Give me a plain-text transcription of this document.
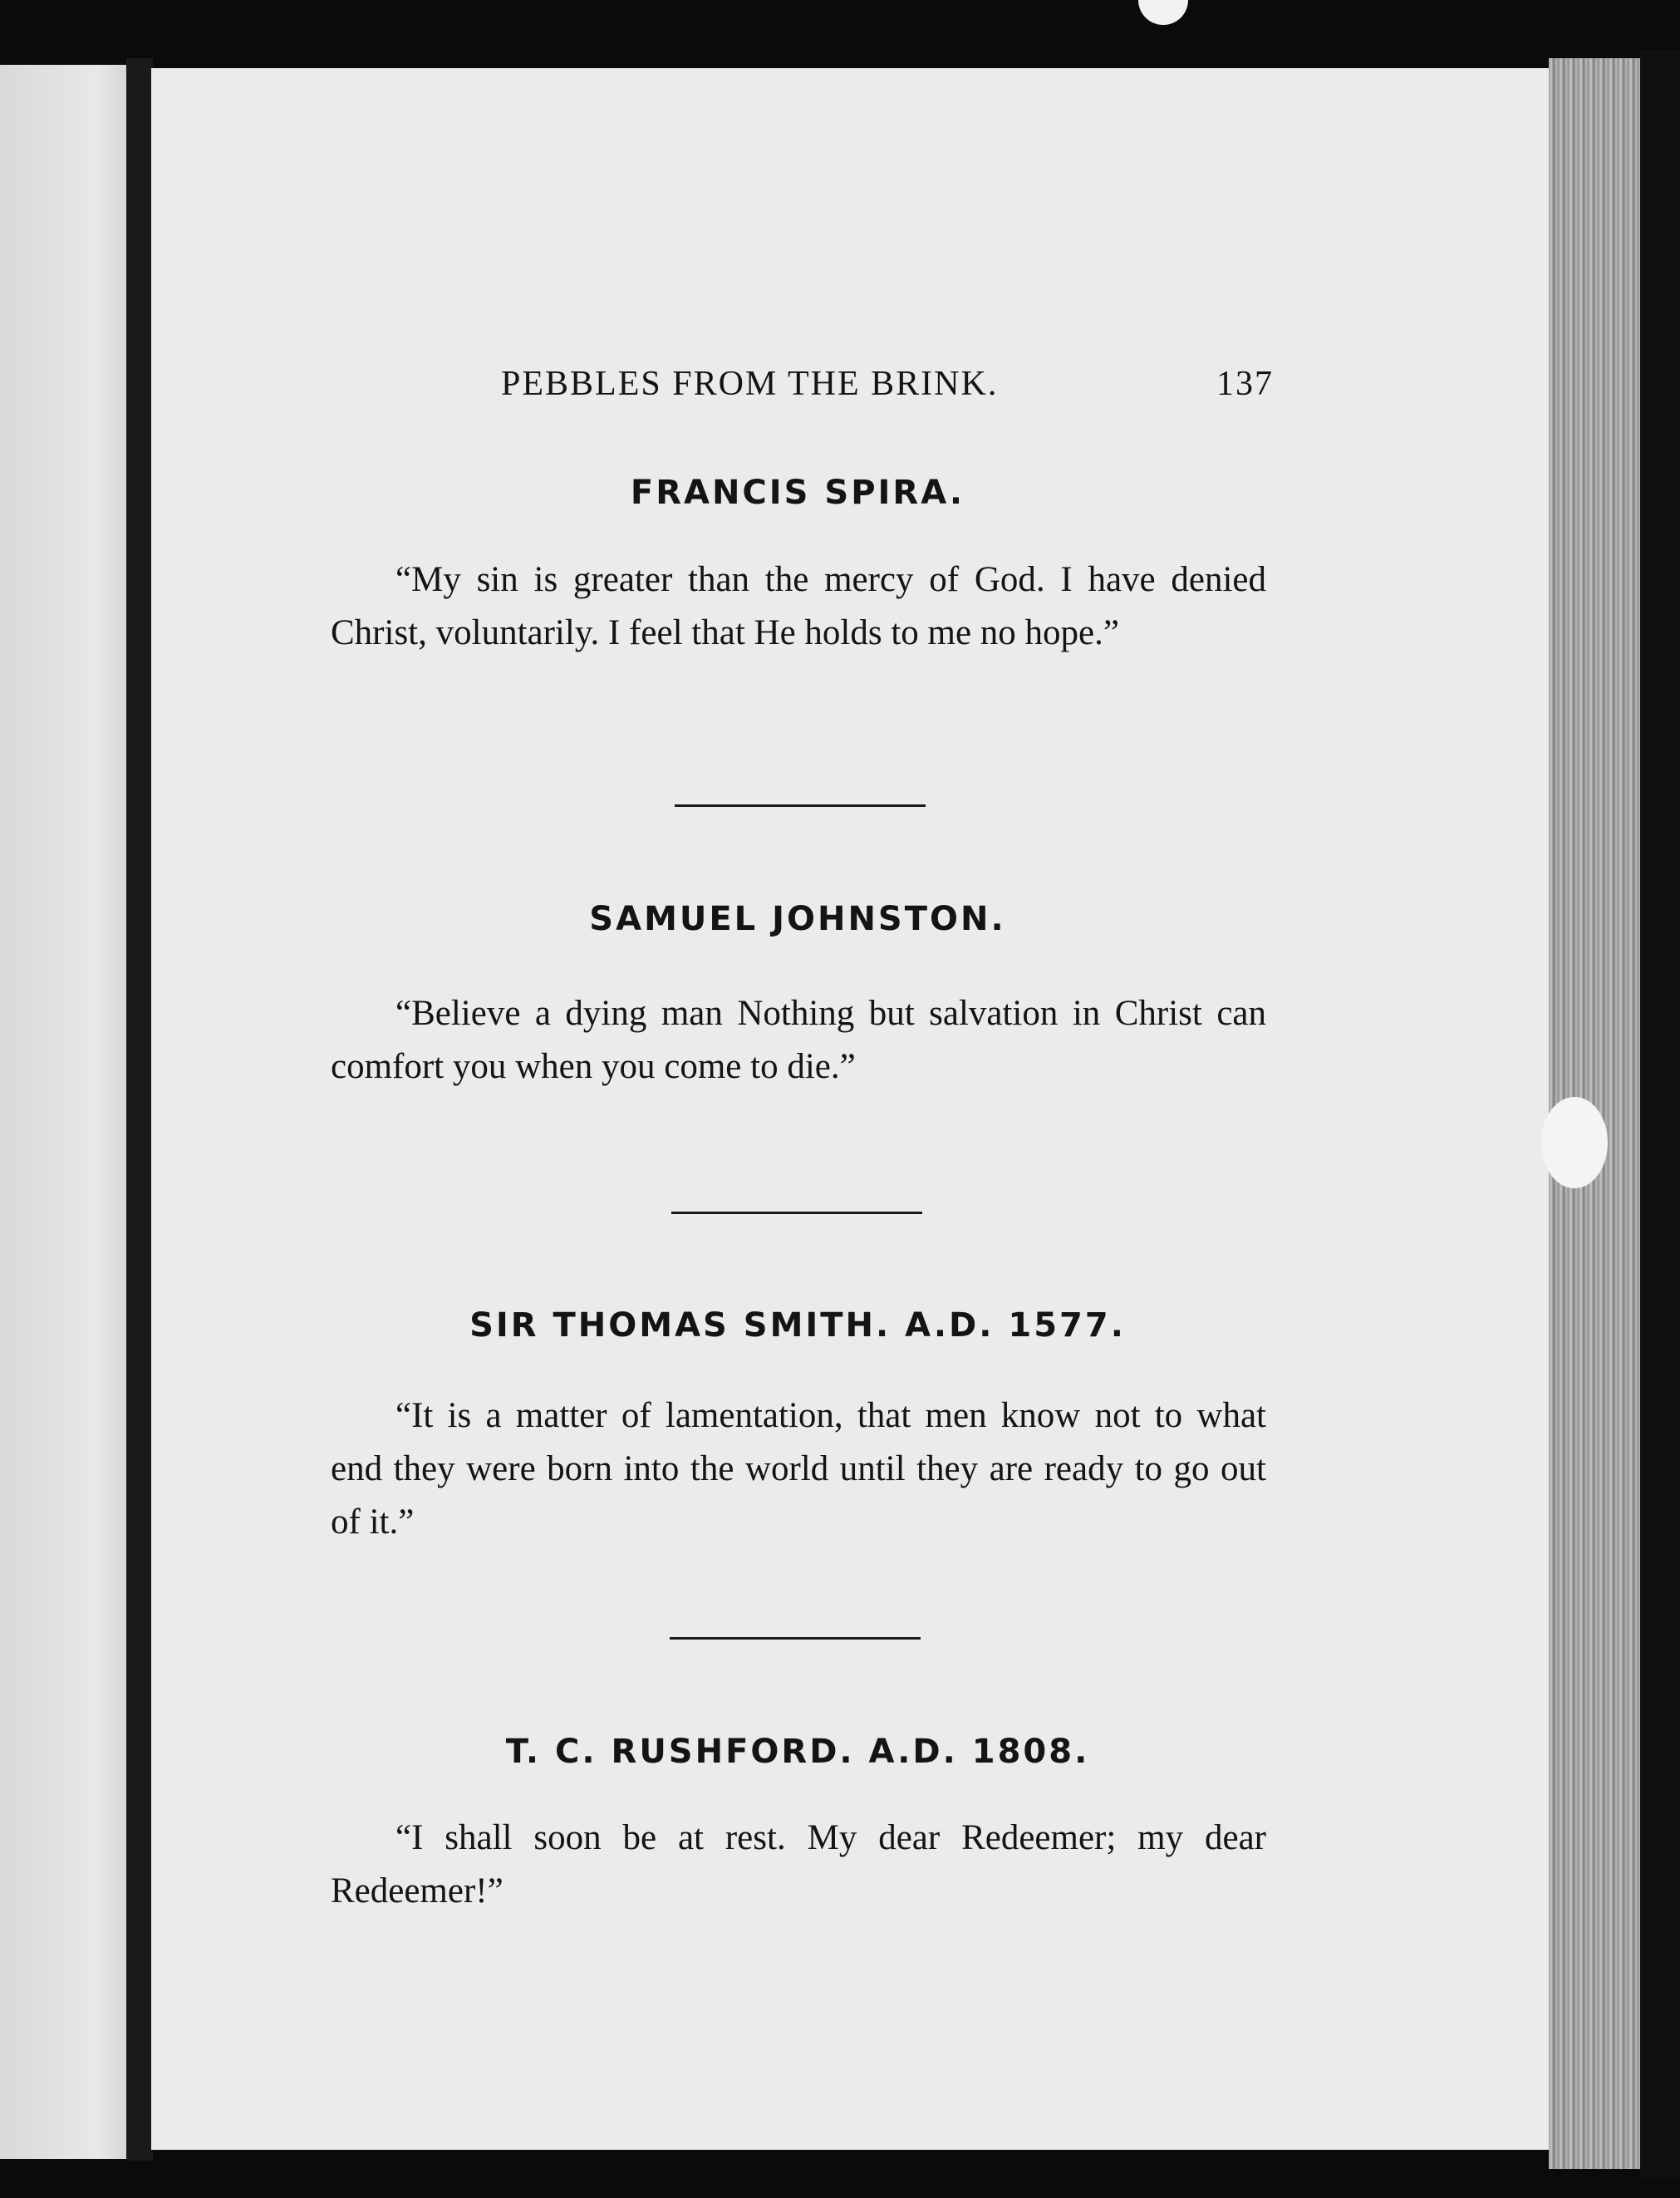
PEBBLES FROM THE BRINK.	137
FRANCIS SPIRA.
“My sin is greater than the mercy of God. I have denied Christ, voluntarily. I feel that He holds to me no hope.”
SAMUEL JOHNSTON.
“Believe a dying man Nothing but salvation in Christ can comfort you when you come to die.”
SIR THOMAS SMITH. A.D. 1577.
“It is a matter of lamentation, that men know not to what end they were born into the world until they are ready to go out of it.”
T. C. RUSHFORD. A.D. 1808.
“I shall soon be at rest. My dear Redeemer; my dear Redeemer!”
